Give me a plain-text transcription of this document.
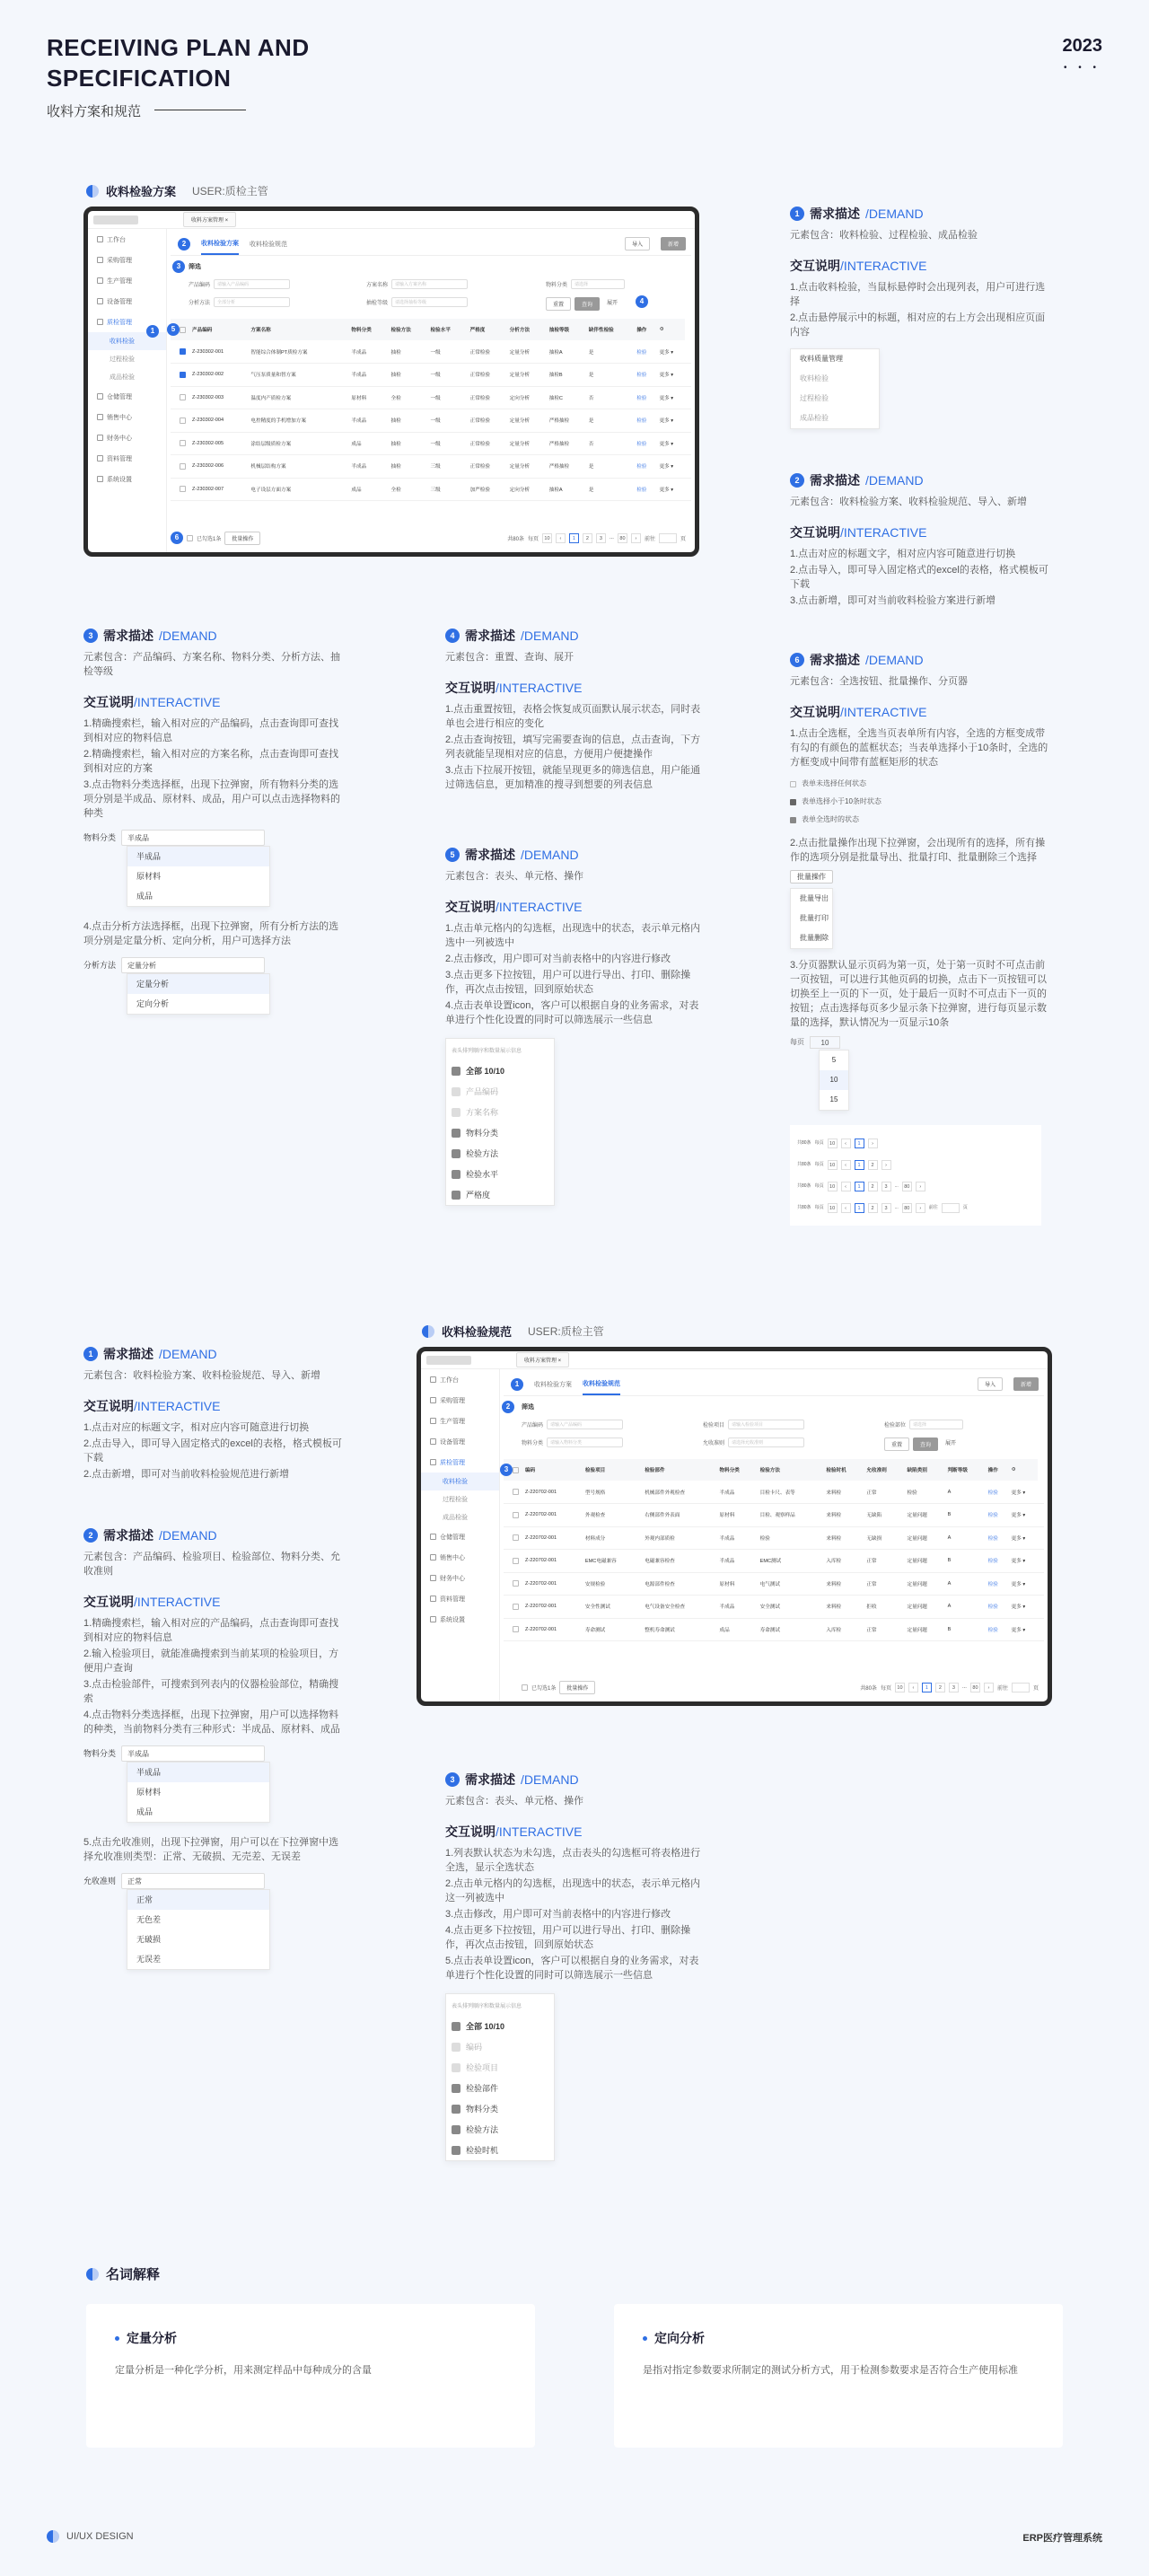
RECEIVING PLAN AND
SPECIFICATION
收料方案和规范
2023
• • •
收料检验方案 USER:质检主管
收料方案管理 ×
工作台
采购管理
生产管理
设备管理
质检管理
收料检验
过程检验
成品检验
仓储管理
销售中心
财务中心
资料管理
系统设置
2	收料检验方案 收料检验规范	导入	新增
3	筛选
产品编码	请输入产品编码	方案名称	请输入方案名称	物料分类	请选择
分析方法	全部分析	抽检等级	请选择抽检等级	重置	查询	展开	4
5
		产品编码	方案名称	物料分类	检验方法	检验水平	严格度	分析方法	抽检等级	缺伴性检验	操作	⚙	
	Z-230302-001	智能综合体制PT质检方案	半成品	抽检	一级	正常检验	定量分析	抽检A	是	检验	更多 ▾	
	Z-230302-002	气压泵质量和智方案	半成品	抽检	一级	正常检验	定量分析	抽检B	是	检验	更多 ▾	
	Z-230302-003	温度内产质检方案	原材料	全检	一级	正常检验	定向分析	抽检C	否	检验	更多 ▾	
	Z-230302-004	电控精度的手机增加方案	半成品	抽检	一级	正常检验	定量分析	严格抽检	是	检验	更多 ▾	
	Z-230302-005	涂结层级质检方案	成品	抽检	一级	正常检验	定量分析	严格抽检	否	检验	更多 ▾	
	Z-230302-006	机械层结构方案	半成品	抽检	三级	正常检验	定量分析	严格抽检	是	检验	更多 ▾	
	Z-230302-007	电子设层方面方案	成品	全检	三级	加严检验	定向分析	抽检A	是	检验	更多 ▾	
6	已勾选1条	批量操作	共80条 每页	10	‹	1	2	3	...	80	›	前往	页
1
1 需求描述 /DEMAND

元素包含：收料检验、过程检验、成品检验

交互说明/INTERACTIVE

1.点击收料检验，当鼠标悬停时会出现列表，用户可进行选择

2.点击悬停展示中的标题，相对应的右上方会出现相应页面内容

收料质量管理
收料检验
过程检验
成品检验
2 需求描述 /DEMAND

元素包含：收料检验方案、收料检验规范、导入、新增

交互说明/INTERACTIVE

1.点击对应的标题文字，相对应内容可随意进行切换

2.点击导入，即可导入固定格式的excel的表格，格式模板可下载

3.点击新增，即可对当前收料检验方案进行新增

3 需求描述 /DEMAND

元素包含：产品编码、方案名称、物料分类、分析方法、抽检等级

交互说明/INTERACTIVE

1.精确搜索栏，输入相对应的产品编码，点击查询即可查找到相对应的物料信息

2.精确搜索栏，输入相对应的方案名称，点击查询即可查找到相对应的方案

3.点击物料分类选择框，出现下拉弹窗，所有物料分类的选项分别是半成品、原材料、成品，用户可以点击选择物料的种类

物料分类	半成品
半成品
原材料
成品

4.点击分析方法选择框，出现下拉弹窗，所有分析方法的选项分别是定量分析、定向分析，用户可选择方法

分析方法	定量分析
定量分析
定向分析
4 需求描述 /DEMAND

元素包含：重置、查询、展开

交互说明/INTERACTIVE

1.点击重置按钮，表格会恢复成页面默认展示状态，同时表单也会进行相应的变化

2.点击查询按钮，填写完需要查询的信息，点击查询，下方列表就能呈现相对应的信息，方便用户便捷操作

3.点击下拉展开按钮，就能呈现更多的筛选信息，用户能通过筛选信息，更加精准的搜寻到想要的列表信息

5 需求描述 /DEMAND

元素包含：表头、单元格、操作

交互说明/INTERACTIVE

1.点击单元格内的勾选框，出现选中的状态，表示单元格内选中一列被选中

2.点击修改，用户即可对当前表格中的内容进行修改

3.点击更多下拉按钮，用户可以进行导出、打印、删除操作，再次点击按钮，回到原始状态

4.点击表单设置icon，客户可以根据自身的业务需求，对表单进行个性化设置的同时可以筛选展示一些信息

表头排列顺序和数量展示信息
全部 10/10
产品编码
方案名称
物料分类
检验方法
检验水平
严格度
6 需求描述 /DEMAND

元素包含：全选按钮、批量操作、分页器

交互说明/INTERACTIVE

1.点击全选框，全选当页表单所有内容，全选的方框变成带有勾的有颜色的蓝框状态；当表单选择小于10条时，全选的方框变成中间带有蓝框矩形的状态

表单未选择任何状态
表单选择小于10条时状态
表单全选时的状态

2.点击批量操作出现下拉弹窗，会出现所有的选择，所有操作的选项分别是批量导出、批量打印、批量删除三个选择

批量操作
批量导出
批量打印
批量删除

3.分页器默认显示页码为第一页，处于第一页时不可点击前一页按钮，可以进行其他页码的切换，点击下一页按钮可以切换至上一页的下一页，处于最后一页时不可点击下一页的按钮；点击选择每页多少显示条下拉弹窗，进行每页显示数量的选择，默认情况为一页显示10条

每页	10
5
10
15
共80条 每页	10	‹	1	›
共80条 每页	10	‹	1	2	›
共80条 每页	10	‹	1	2	3	...	80	›
共80条 每页	10	‹	1	2	3	...	80	›	前往	页
收料检验规范 USER:质检主管
收料方案管理 ×
工作台
采购管理
生产管理
设备管理
质检管理
收料检验
过程检验
成品检验
仓储管理
销售中心
财务中心
资料管理
系统设置
1	收料检验方案 收料检验规范	导入	新增
2	筛选
产品编码	请输入产品编码	检验项目	请输入检验项目	检验部位	请选择
物料分类	请输入物料分类	允收准则	请选择允收准则	重置	查询	展开
3
		编码	检验项目	检验部件	物料分类	检验方法	检验时机	允收准则	缺陷类别	判断等级	操作	⚙	
	Z-220702-001	型号规格	机械部件外观检查	半成品	目检卡尺、表等	来料检	正常	检验	A	检验	更多 ▾	
	Z-220702-001	外观检查	右侧部件外表面	原材料	目检、观察样品	来料检	无缺陷	定量问题	B	检验	更多 ▾	
	Z-220702-001	材料成分	外观内部质检	半成品	检验	来料检	无缺损	定量问题	A	检验	更多 ▾	
	Z-220702-001	EMC电磁兼容	电磁兼容检查	半成品	EMC测试	入库检	正常	定量问题	B	检验	更多 ▾	
	Z-220702-001	安规检验	电源部件检查	原材料	电气测试	来料检	正常	定量问题	A	检验	更多 ▾	
	Z-220702-001	安全性测试	电气设备安全检查	半成品	安全测试	来料检	拒收	定量问题	A	检验	更多 ▾	
	Z-220702-001	寿命测试	整机寿命测试	成品	寿命测试	入库检	正常	定量问题	B	检验	更多 ▾	
已勾选1条	批量操作	共80条 每页	10	‹	1	2	3	...	80	›	前往	页
1 需求描述 /DEMAND

元素包含：收料检验方案、收料检验规范、导入、新增

交互说明/INTERACTIVE

1.点击对应的标题文字，相对应内容可随意进行切换

2.点击导入，即可导入固定格式的excel的表格，格式模板可下载

2.点击新增，即可对当前收料检验规范进行新增

2 需求描述 /DEMAND

元素包含：产品编码、检验项目、检验部位、物料分类、允收准则

交互说明/INTERACTIVE

1.精确搜索栏，输入相对应的产品编码，点击查询即可查找到相对应的物料信息

2.输入检验项目，就能准确搜索到当前某项的检验项目，方便用户查询

3.点击检验部件，可搜索到列表内的仪器检验部位，精确搜索

4.点击物料分类选择框，出现下拉弹窗，用户可以选择物料的种类，当前物料分类有三种形式：半成品、原材料、成品

物料分类	半成品
半成品
原材料
成品

5.点击允收准则，出现下拉弹窗，用户可以在下拉弹窗中选择允收准则类型：正常、无破损、无売差、无误差

允收准则	正常
正常
无色差
无破损
无误差
3 需求描述 /DEMAND

元素包含：表头、单元格、操作

交互说明/INTERACTIVE

1.列表默认状态为未勾选，点击表头的勾选框可将表格进行全选，显示全选状态

2.点击单元格内的勾选框，出现选中的状态，表示单元格内这一列被选中

3.点击修改，用户即可对当前表格中的内容进行修改

4.点击更多下拉按钮，用户可以进行导出、打印、删除操作，再次点击按钮，回到原始状态

5.点击表单设置icon，客户可以根据自身的业务需求，对表单进行个性化设置的同时可以筛选展示一些信息

表头排列顺序和数量展示信息
全部 10/10
编码
检验项目
检验部件
物料分类
检验方法
检验时机
名词解释
定量分析
定量分析是一种化学分析，用来测定样品中每种成分的含量
定向分析
是指对指定参数要求所制定的测试分析方式，用于检测参数要求是否符合生产使用标准
UI/UX DESIGN	ERP医疗管理系统
